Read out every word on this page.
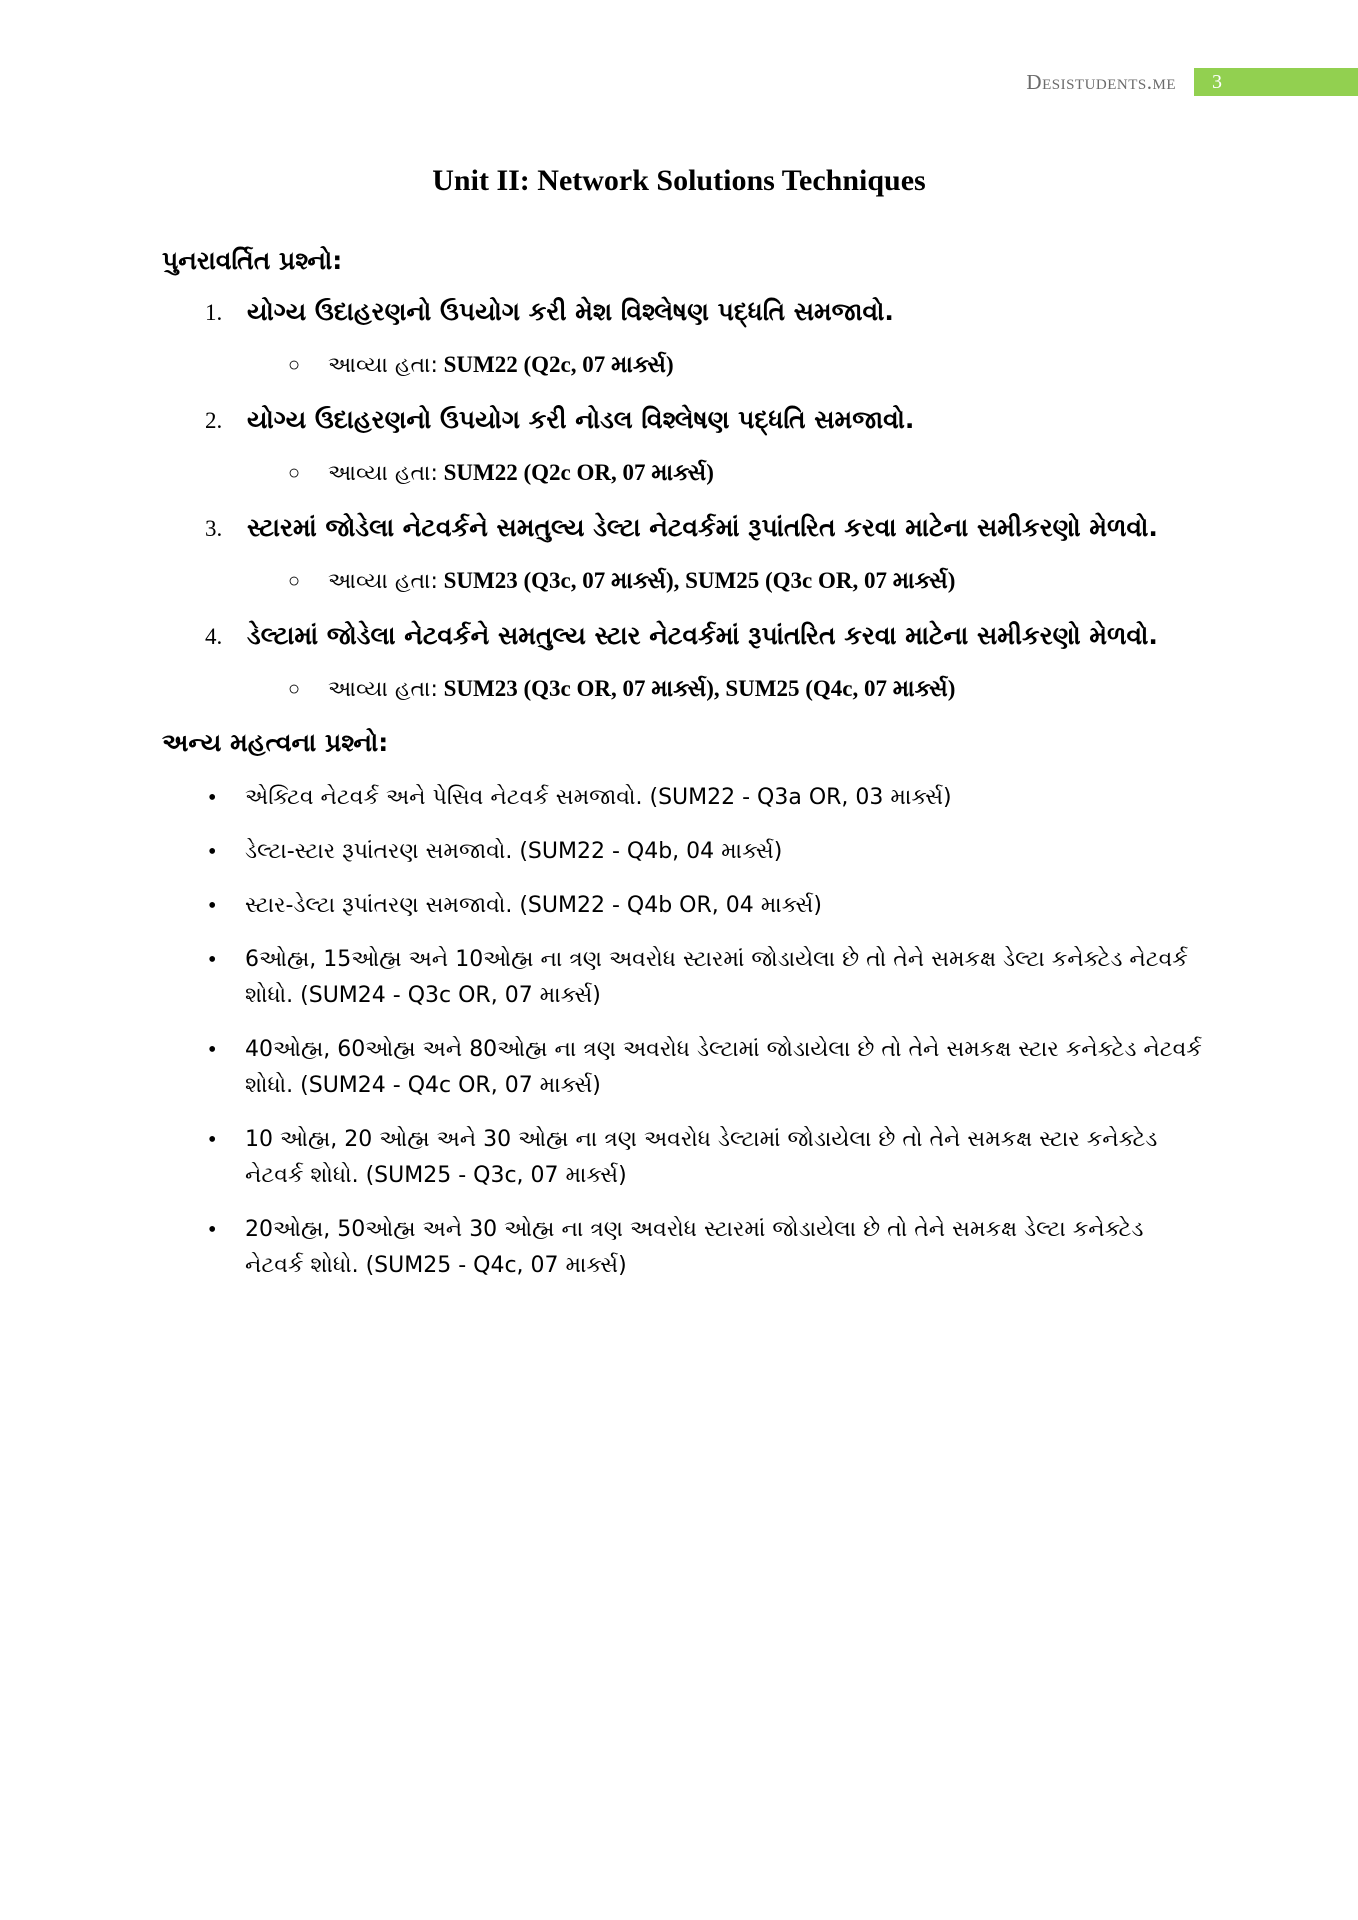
Desistudents.me	3
Unit II: Network Solutions Techniques
પુનરાવર્તિત પ્રશ્નો:
1. યોગ્ય ઉદાહરણનો ઉપયોગ કરી મેશ વિશ્લેષણ પદ્ધતિ સમજાવો.
○ આવ્યા હતા: SUM22 (Q2c, 07 માર્ક્સ)
2. યોગ્ય ઉદાહરણનો ઉપયોગ કરી નોડલ વિશ્લેષણ પદ્ધતિ સમજાવો.
○ આવ્યા હતા: SUM22 (Q2c OR, 07 માર્ક્સ)
3. સ્ટારમાં જોડેલા નેટવર્કને સમતુલ્ય ડેલ્ટા નેટવર્કમાં રૂપાંતરિત કરવા માટેના સમીકરણો મેળવો.
○ આવ્યા હતા: SUM23 (Q3c, 07 માર્ક્સ), SUM25 (Q3c OR, 07 માર્ક્સ)
4. ડેલ્ટામાં જોડેલા નેટવર્કને સમતુલ્ય સ્ટાર નેટવર્કમાં રૂપાંતરિત કરવા માટેના સમીકરણો મેળવો.
○ આવ્યા હતા: SUM23 (Q3c OR, 07 માર્ક્સ), SUM25 (Q4c, 07 માર્ક્સ)
અન્ય મહત્વના પ્રશ્નો:
• એક્ટિવ નેટવર્ક અને પેસિવ નેટવર્ક સમજાવો. (SUM22 - Q3a OR, 03 માર્ક્સ)
• ડેલ્ટા-સ્ટાર રૂપાંતરણ સમજાવો. (SUM22 - Q4b, 04 માર્ક્સ)
• સ્ટાર-ડેલ્ટા રૂપાંતરણ સમજાવો. (SUM22 - Q4b OR, 04 માર્ક્સ)
• 6ઓહ્મ, 15ઓહ્મ અને 10ઓહ્મ ના ત્રણ અવરોધ સ્ટારમાં જોડાયેલા છે તો તેને સમકક્ષ ડેલ્ટા કનેક્ટેડ નેટવર્ક શોધો. (SUM24 - Q3c OR, 07 માર્ક્સ)
• 40ઓહ્મ, 60ઓહ્મ અને 80ઓહ્મ ના ત્રણ અવરોધ ડેલ્ટામાં જોડાયેલા છે તો તેને સમકક્ષ સ્ટાર કનેક્ટેડ નેટવર્ક શોધો. (SUM24 - Q4c OR, 07 માર્ક્સ)
• 10 ઓહ્મ, 20 ઓહ્મ અને 30 ઓહ્મ ના ત્રણ અવરોધ ડેલ્ટામાં જોડાયેલા છે તો તેને સમકક્ષ સ્ટાર કનેક્ટેડ નેટવર્ક શોધો. (SUM25 - Q3c, 07 માર્ક્સ)
• 20ઓહ્મ, 50ઓહ્મ અને 30 ઓહ્મ ના ત્રણ અવરોધ સ્ટારમાં જોડાયેલા છે તો તેને સમકક્ષ ડેલ્ટા કનેક્ટેડ નેટવર્ક શોધો. (SUM25 - Q4c, 07 માર્ક્સ)
